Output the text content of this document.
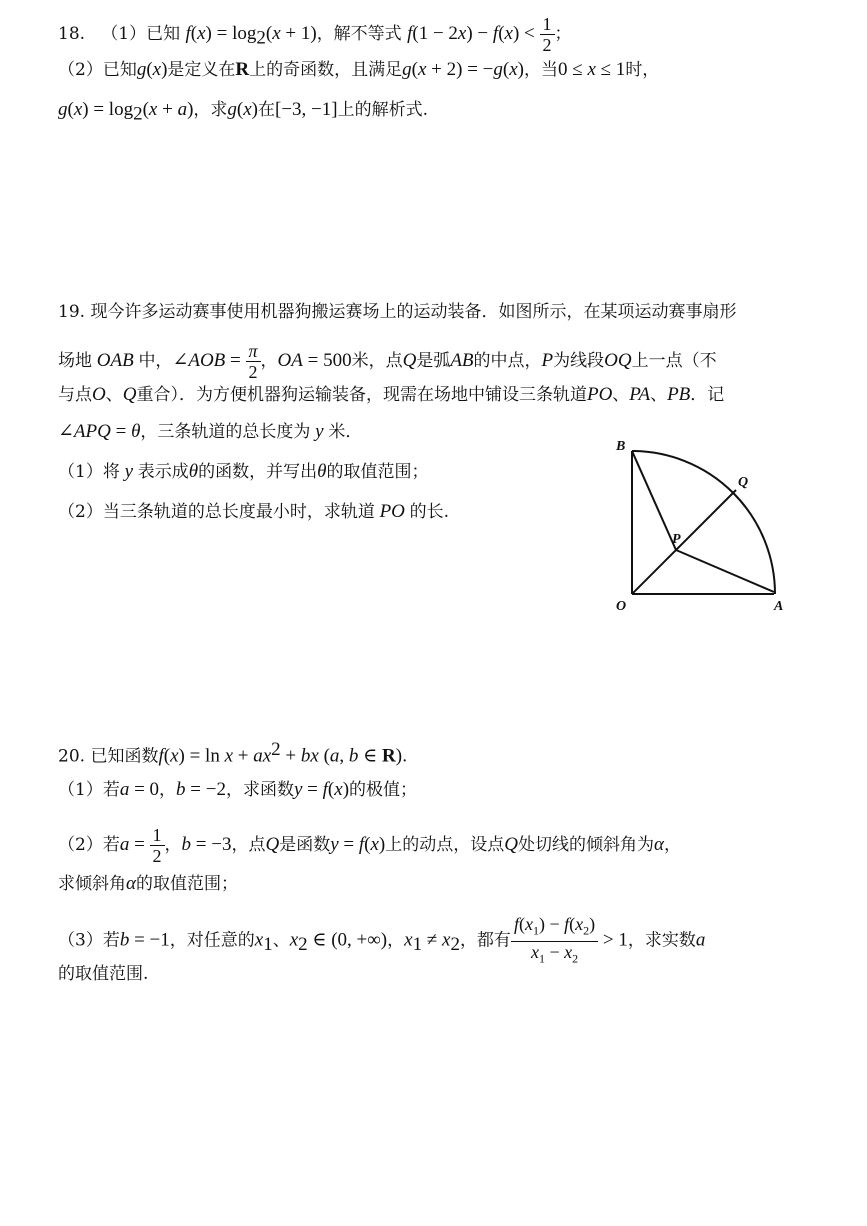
18. （1）已知 $f(x) = \log_2(x + 1)$，解不等式 $f(1 - 2x) - f(x) < \frac{1}{2}$ ；
（2）已知g(x)是定义在R上的奇函数，且满足g(x + 2) = −g(x)，当0 ≤ x ≤ 1时，
$g(x) = \log_2(x + a)$，求g(x)在[−3, −1]上的解析式.
19. 现今许多运动赛事使用机器狗搬运赛场上的运动装备．如图所示，在某项运动赛事扇形
场地 OAB 中，∠AOB = $\frac{\pi}{2}$ ，OA = 500米，点Q是弧AB的中点，P为线段OQ上一点（不
与点O、Q重合）．为方便机器狗运输装备，现需在场地中铺设三条轨道PO、PA、PB．记
∠APQ = θ，三条轨道的总长度为 y 米．
（1）将 y 表示成θ的函数，并写出θ的取值范围；
（2）当三条轨道的总长度最小时，求轨道 PO 的长.
B
Q
P
O	A
20. 已知函数$f(x) = \ln x + ax^2$ + bx (a, b ∈ R).
（1）若a = 0，b = −2，求函数y = f(x)的极值；
（2）若$a = \frac{1}{2}$ ，b = −3，点Q是函数y = f(x)上的动点，设点Q处切线的倾斜角为α，
求倾斜角α的取值范围；
（3）若b = −1，对任意的$x_1$、$x_2$ ∈ (0, +∞)，$x_1 \ne x_2$，都有 $\frac{f(x_1) - f(x_2)}{x_1 - x_2} > 1$，求实数a
的取值范围.
